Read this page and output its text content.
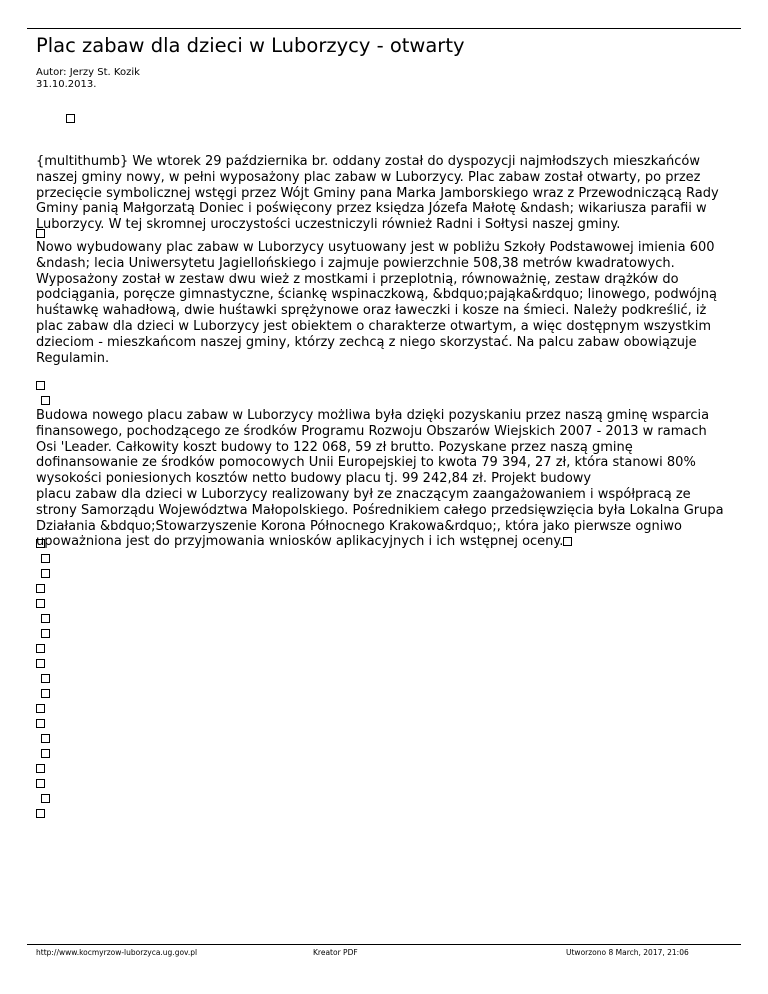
Plac zabaw dla dzieci w Luborzycy - otwarty
Autor: Jerzy St. Kozik
31.10.2013.
{multithumb} We wtorek 29 października br. oddany został do dyspozycji najmłodszych mieszkańców
naszej gminy nowy, w pełni wyposażony plac zabaw w Luborzycy. Plac zabaw został otwarty, po przez
przecięcie symbolicznej wstęgi przez Wójt Gminy pana Marka Jamborskiego wraz z Przewodniczącą Rady
Gminy panią Małgorzatą Doniec i poświęcony przez księdza Józefa Małotę &ndash; wikariusza parafii w
Luborzycy. W tej skromnej uroczystości uczestniczyli również Radni i Sołtysi naszej gminy.
Nowo wybudowany plac zabaw w Luborzycy usytuowany jest w pobliżu Szkoły Podstawowej imienia 600
&ndash; lecia Uniwersytetu Jagiellońskiego i zajmuje powierzchnie 508,38 metrów kwadratowych.
Wyposażony został w zestaw dwu wież z mostkami i przeplotnią, równoważnię, zestaw drążków do
podciągania, poręcze gimnastyczne, ściankę wspinaczkową, &bdquo;pająka&rdquo; linowego, podwójną
huśtawkę wahadłową, dwie huśtawki sprężynowe oraz ławeczki i kosze na śmieci. Należy podkreślić, iż
plac zabaw dla dzieci w Luborzycy jest obiektem o charakterze otwartym, a więc dostępnym wszystkim
dzieciom - mieszkańcom naszej gminy, którzy zechcą z niego skorzystać. Na palcu zabaw obowiązuje
Regulamin.
Budowa nowego placu zabaw w Luborzycy możliwa była dzięki pozyskaniu przez naszą gminę wsparcia
finansowego, pochodzącego ze środków Programu Rozwoju Obszarów Wiejskich 2007 - 2013 w ramach
Osi 'Leader. Całkowity koszt budowy to 122 068, 59 zł brutto. Pozyskane przez naszą gminę
dofinansowanie ze środków pomocowych Unii Europejskiej to kwota 79 394, 27 zł, która stanowi 80%
wysokości poniesionych kosztów netto budowy placu tj. 99 242,84 zł. Projekt budowy
placu zabaw dla dzieci w Luborzycy realizowany był ze znaczącym zaangażowaniem i współpracą ze
strony Samorządu Województwa Małopolskiego. Pośrednikiem całego przedsięwzięcia była Lokalna Grupa
Działania &bdquo;Stowarzyszenie Korona Północnego Krakowa&rdquo;, która jako pierwsze ogniwo
upoważniona jest do przyjmowania wniosków aplikacyjnych i ich wstępnej oceny.
http://www.kocmyrzow-luborzyca.ug.gov.pl	Kreator PDF	Utworzono 8 March, 2017, 21:06
